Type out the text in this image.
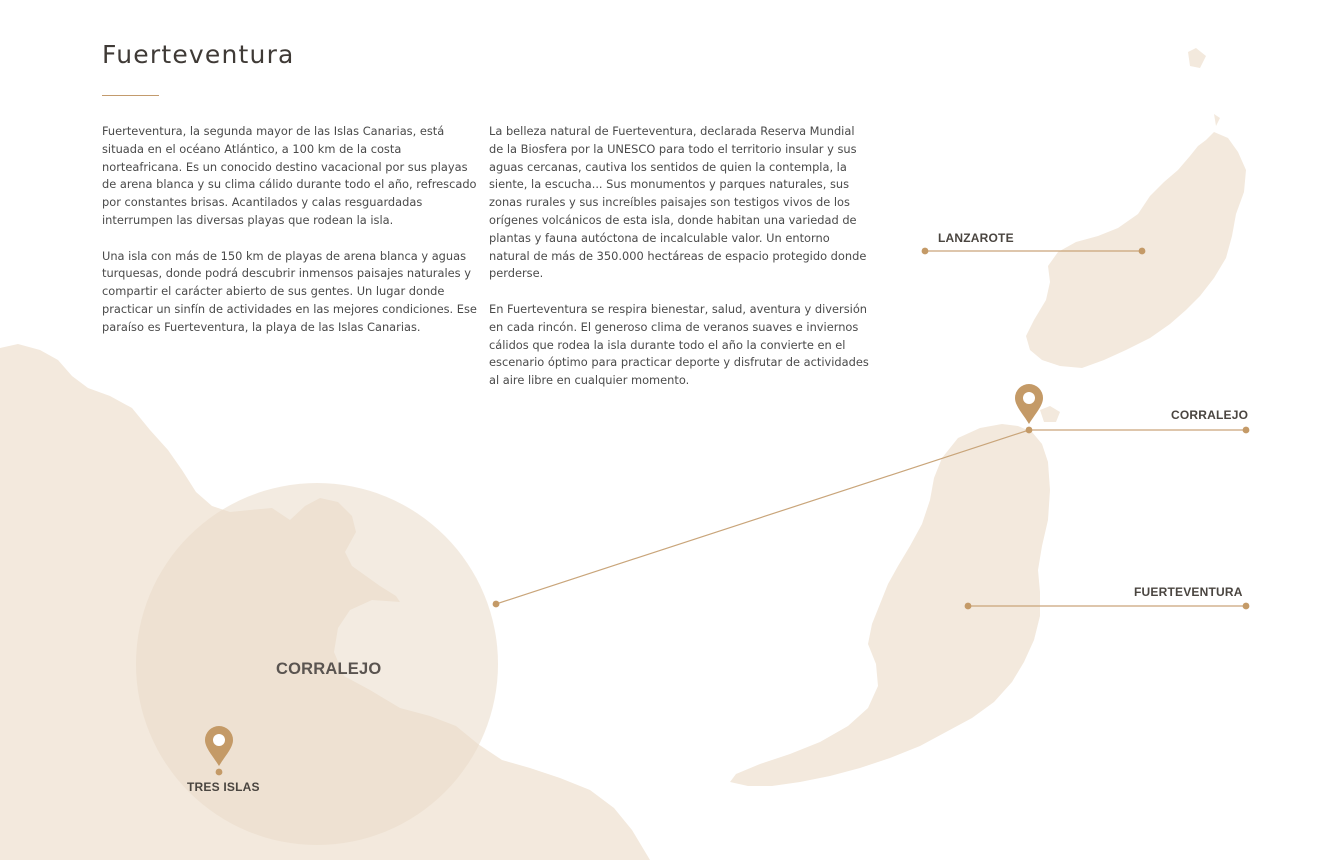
Fuerteventura

Fuerteventura, la segunda mayor de las Islas Canarias, está situada en el océano Atlántico, a 100 km de la costa norteafricana. Es un conocido destino vacacional por sus playas de arena blanca y su clima cálido durante todo el año, refrescado por constantes brisas. Acantilados y calas resguardadas interrumpen las diversas playas que rodean la isla.

Una isla con más de 150 km de playas de arena blanca y aguas turquesas, donde podrá descubrir inmensos paisajes naturales y compartir el carácter abierto de sus gentes. Un lugar donde practicar un sinfín de actividades en las mejores condiciones. Ese paraíso es Fuerteventura, la playa de las Islas Canarias.

La belleza natural de Fuerteventura, declarada Reserva Mundial de la Biosfera por la UNESCO para todo el territorio insular y sus aguas cercanas, cautiva los sentidos de quien la contempla, la siente, la escucha... Sus monumentos y parques naturales, sus zonas rurales y sus increíbles paisajes son testigos vivos de los orígenes volcánicos de esta isla, donde habitan una variedad de plantas y fauna autóctona de incalculable valor. Un entorno natural de más de 350.000 hectáreas de espacio protegido donde perderse.

En Fuerteventura se respira bienestar, salud, aventura y diversión en cada rincón. El generoso clima de veranos suaves e inviernos cálidos que rodea la isla durante todo el año la convierte en el escenario óptimo para practicar deporte y disfrutar de actividades al aire libre en cualquier momento.

LANZAROTE
CORRALEJO
FUERTEVENTURA
CORRALEJO
TRES ISLAS
